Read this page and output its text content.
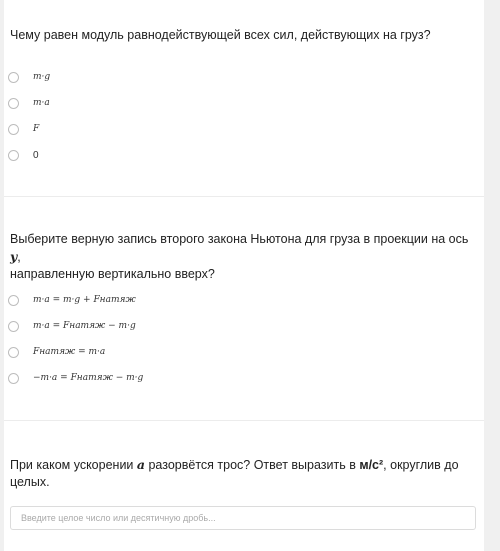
Чему равен модуль равнодействующей всех сил, действующих на груз?
m·g
m·a
F
0
Выберите верную запись второго закона Ньютона для груза в проекции на ось y,
направленную вертикально вверх?
m·a = m·g + Fнатяж
m·a = Fнатяж − m·g
Fнатяж = m·a
−m·a = Fнатяж − m·g
При каком ускорении a разорвётся трос? Ответ выразить в м/с², округлив до целых.
Введите целое число или десятичную дробь...
